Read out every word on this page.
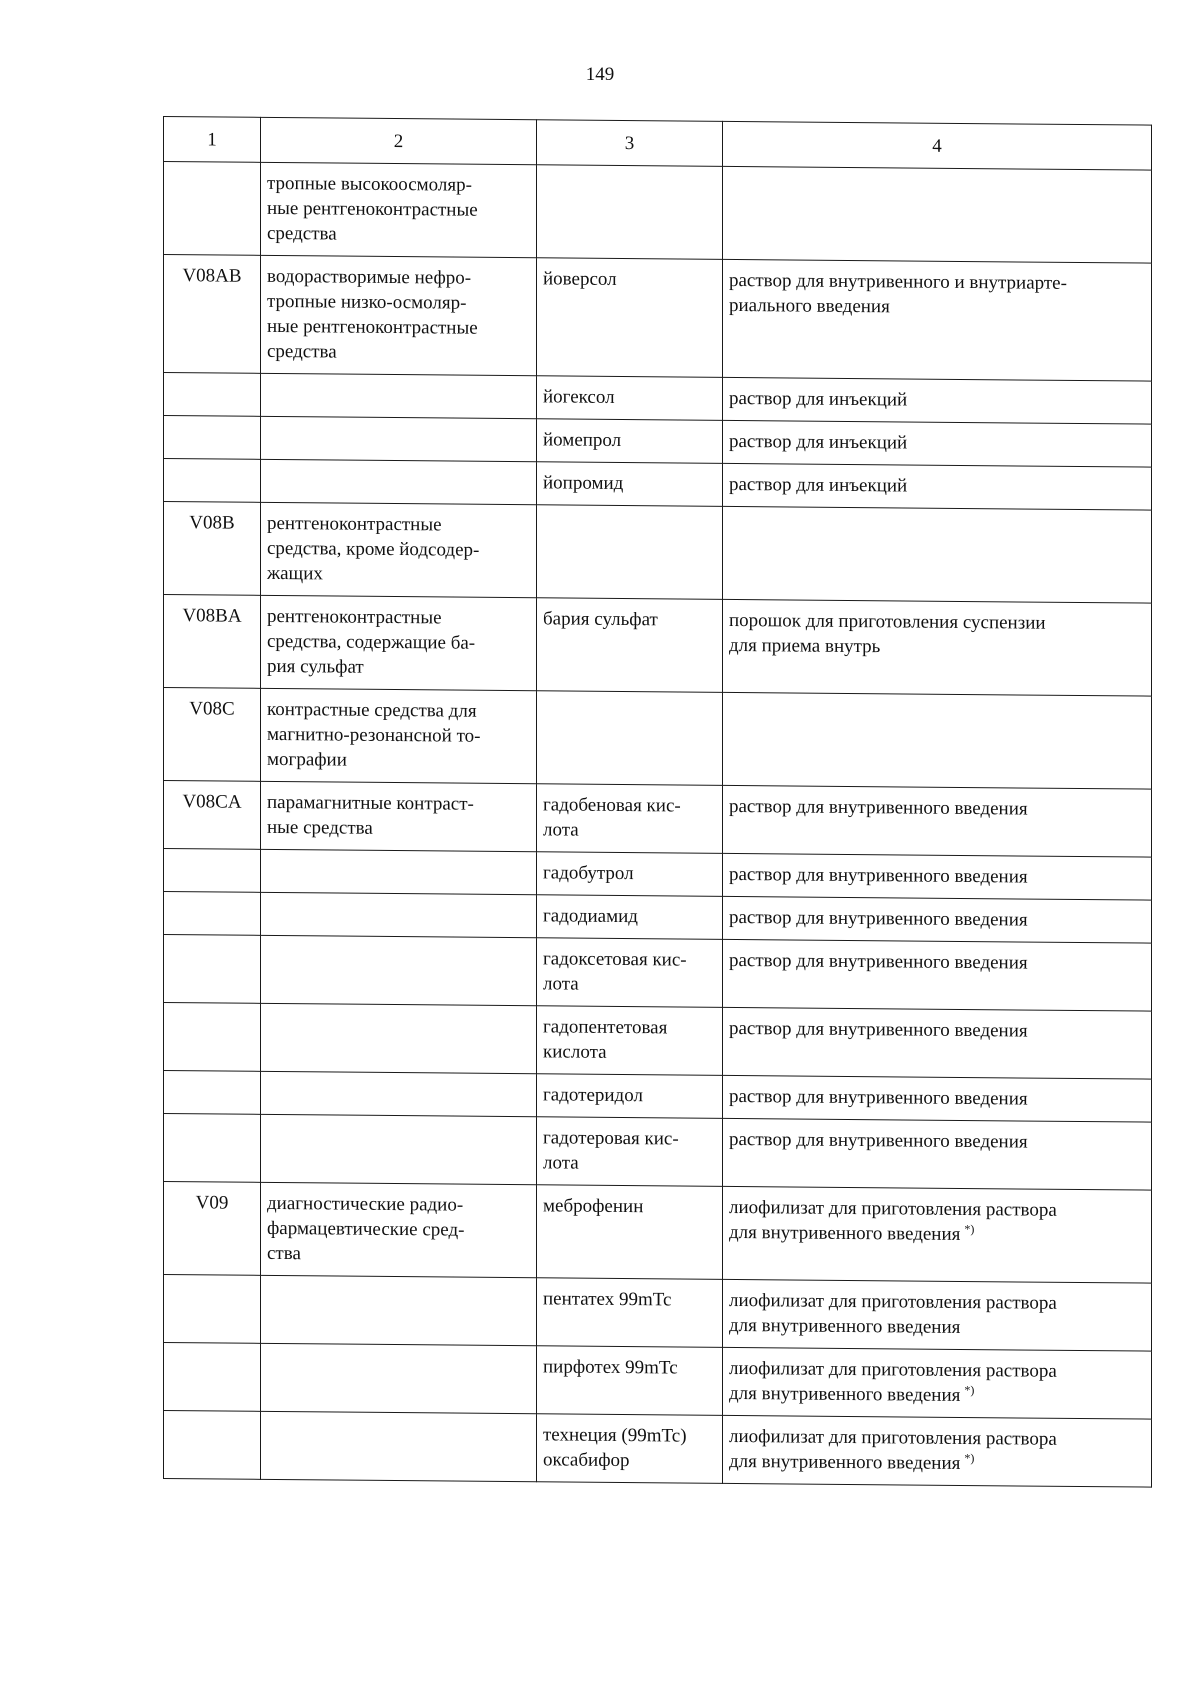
149
1	2	3	4
	тропные высокоосмоляр-
ные рентгеноконтрастные
средства		
V08AB	водорастворимые нефро-
тропные низко-осмоляр-
ные рентгеноконтрастные
средства	йоверсол	раствор для внутривенного и внутриарте-
риального введения
		йогексол	раствор для инъекций
		йомепрол	раствор для инъекций
		йопромид	раствор для инъекций
V08B	рентгеноконтрастные
средства, кроме йодсодер-
жащих		
V08BA	рентгеноконтрастные
средства, содержащие ба-
рия сульфат	бария сульфат	порошок для приготовления суспензии
для приема внутрь
V08C	контрастные средства для
магнитно-резонансной то-
мографии		
V08CA	парамагнитные контраст-
ные средства	гадобеновая кис-
лота	раствор для внутривенного введения
		гадобутрол	раствор для внутривенного введения
		гадодиамид	раствор для внутривенного введения
		гадоксетовая кис-
лота	раствор для внутривенного введения
		гадопентетовая
кислота	раствор для внутривенного введения
		гадотеридол	раствор для внутривенного введения
		гадотеровая кис-
лота	раствор для внутривенного введения
V09	диагностические радио-
фармацевтические сред-
ства	меброфенин	лиофилизат для приготовления раствора
для внутривенного введения *)
		пентатех 99mTc	лиофилизат для приготовления раствора
для внутривенного введения
		пирфотех 99mTc	лиофилизат для приготовления раствора
для внутривенного введения *)
		технеция (99mTc)
оксабифор	лиофилизат для приготовления раствора
для внутривенного введения *)
